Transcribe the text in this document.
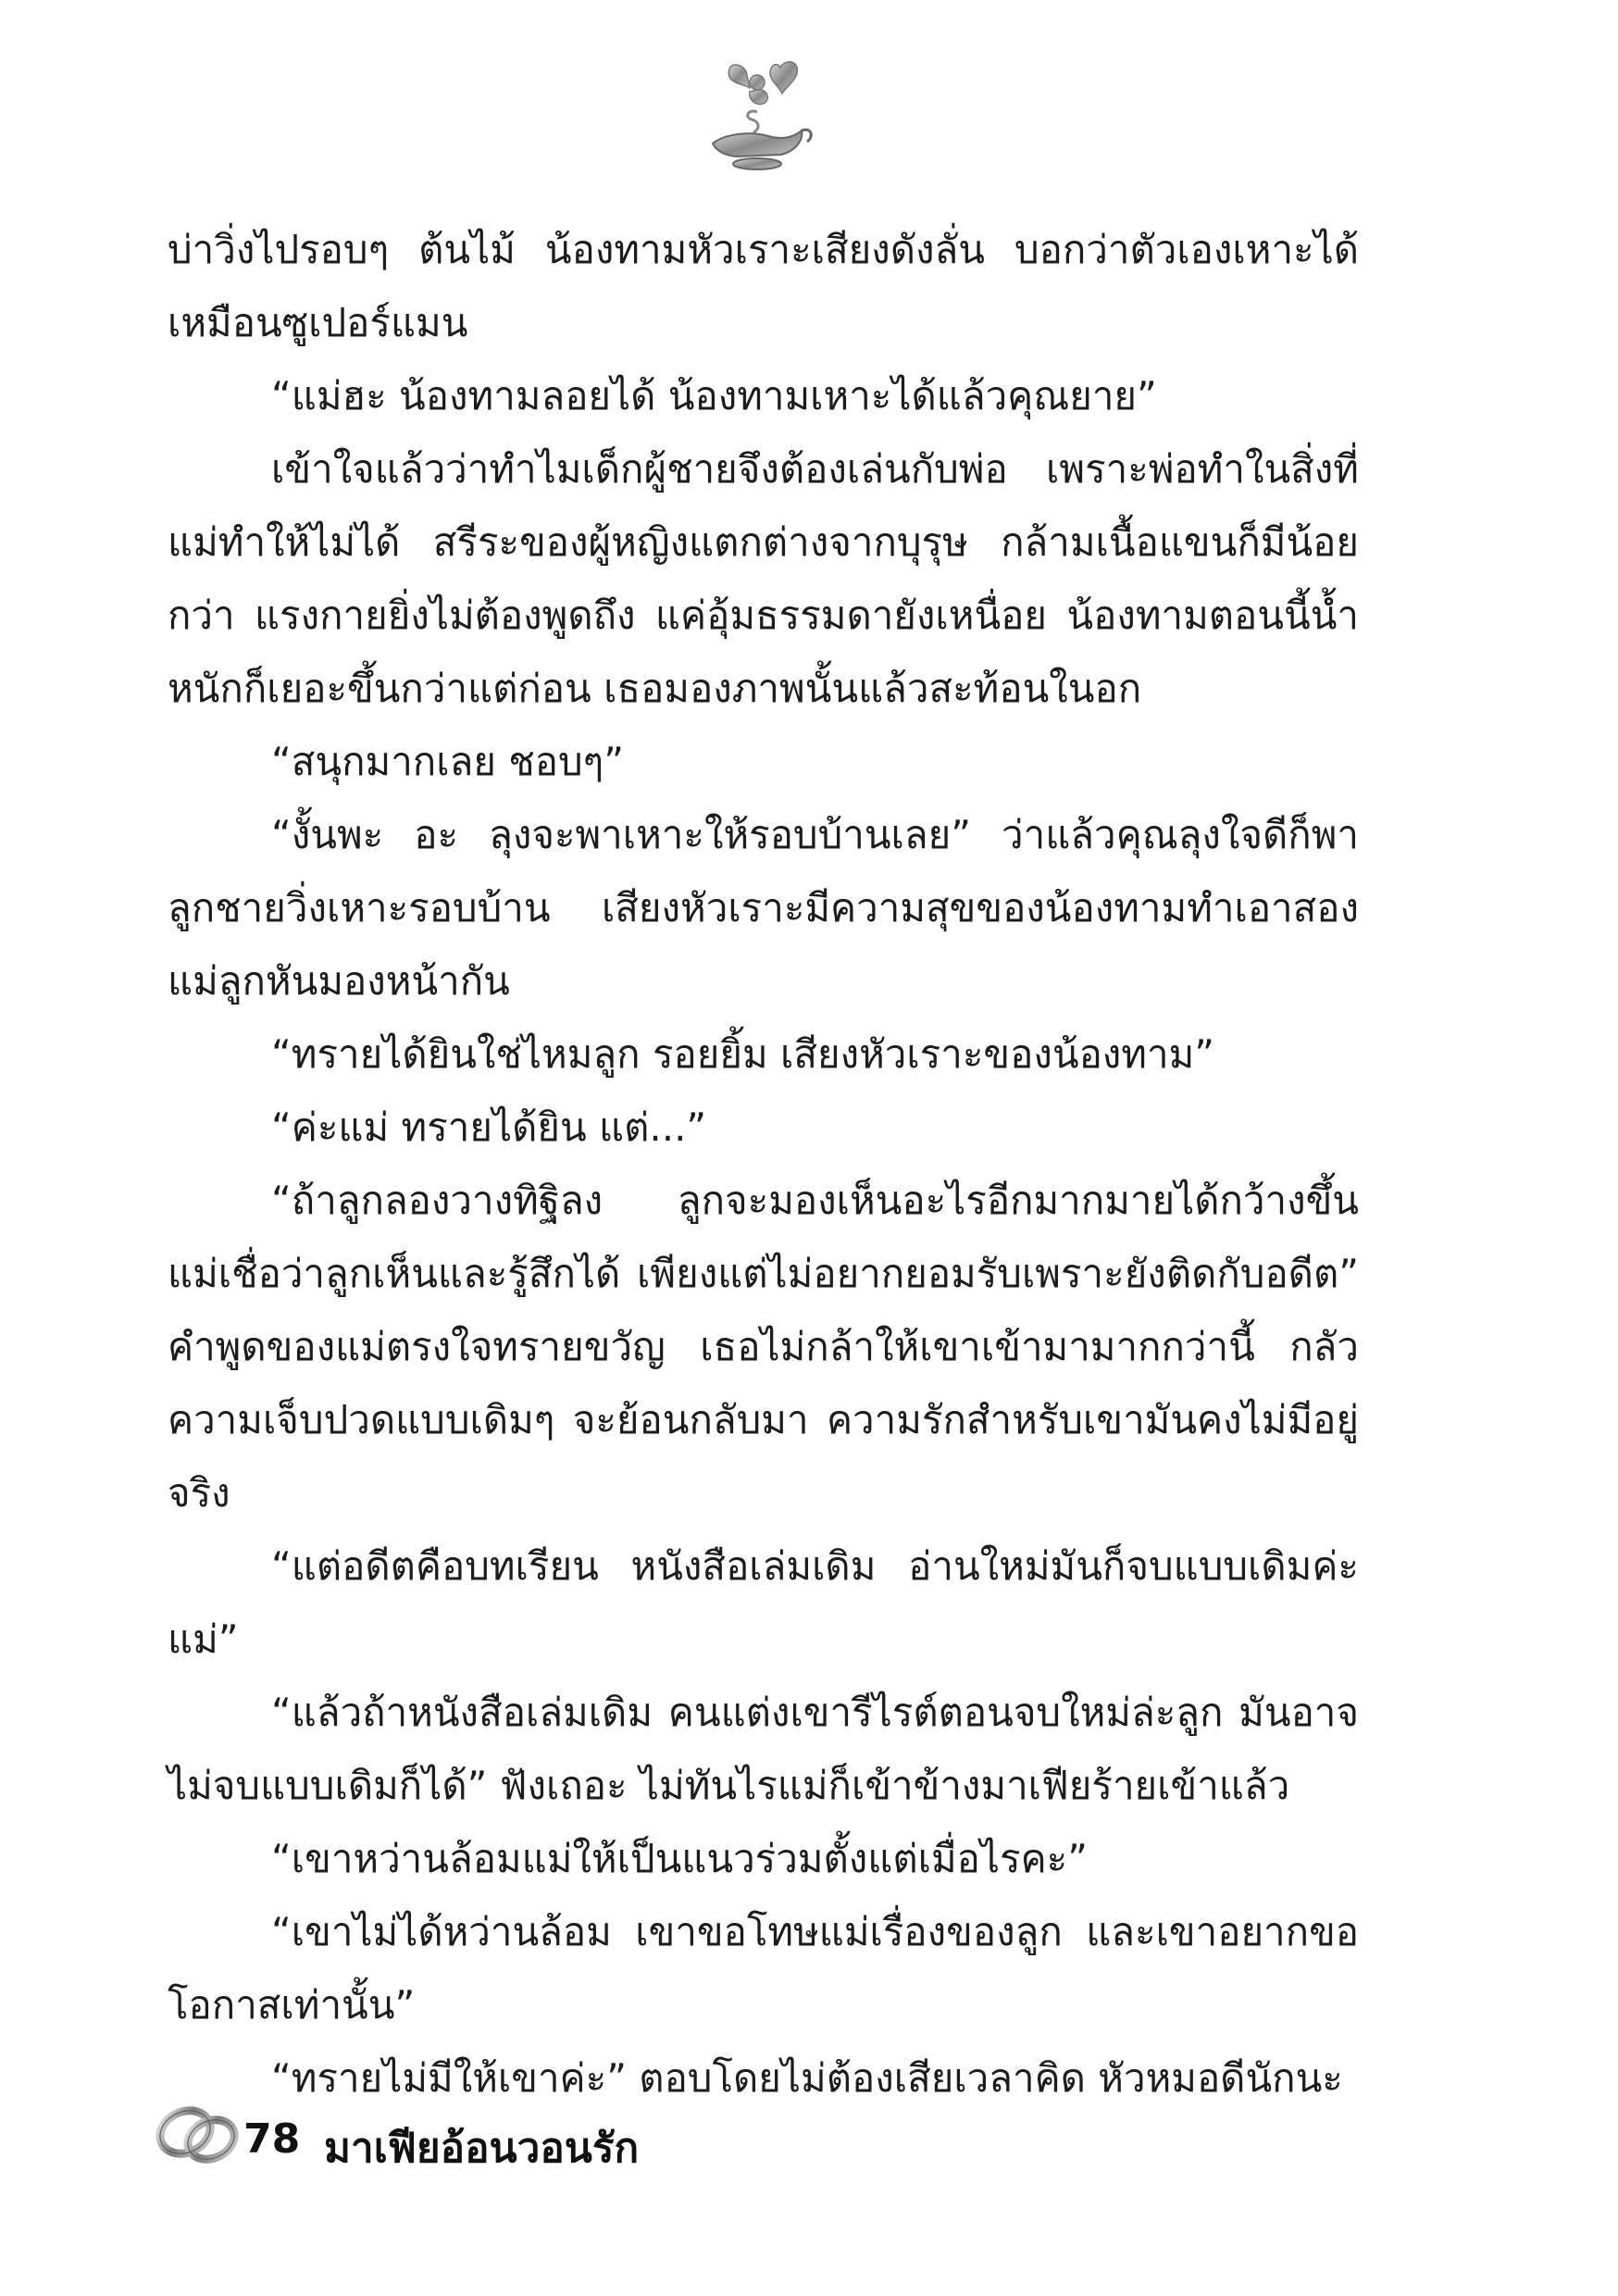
บ่าวิ่งไปรอบๆ ต้นไม้ น้องทามหัวเราะเสียงดังลั่น บอกว่าตัวเองเหาะได้เหมือนซูเปอร์แมน

“แม่ฮะ น้องทามลอยได้ น้องทามเหาะได้แล้วคุณยาย”

เข้าใจแล้วว่าทำไมเด็กผู้ชายจึงต้องเล่นกับพ่อ เพราะพ่อทำในสิ่งที่แม่ทำให้ไม่ได้ สรีระของผู้หญิงแตกต่างจากบุรุษ กล้ามเนื้อแขนก็มีน้อยกว่า แรงกายยิ่งไม่ต้องพูดถึง แค่อุ้มธรรมดายังเหนื่อย น้องทามตอนนี้น้ำหนักก็เยอะขึ้นกว่าแต่ก่อน เธอมองภาพนั้นแล้วสะท้อนในอก

“สนุกมากเลย ชอบๆ”

“งั้นพะ อะ ลุงจะพาเหาะให้รอบบ้านเลย” ว่าแล้วคุณลุงใจดีก็พาลูกชายวิ่งเหาะรอบบ้าน เสียงหัวเราะมีความสุขของน้องทามทำเอาสองแม่ลูกหันมองหน้ากัน

“ทรายได้ยินใช่ไหมลูก รอยยิ้ม เสียงหัวเราะของน้องทาม”

“ค่ะแม่ ทรายได้ยิน แต่...”

“ถ้าลูกลองวางทิฐิลง ลูกจะมองเห็นอะไรอีกมากมายได้กว้างขึ้น แม่เชื่อว่าลูกเห็นและรู้สึกได้ เพียงแต่ไม่อยากยอมรับเพราะยังติดกับอดีต” คำพูดของแม่ตรงใจทรายขวัญ เธอไม่กล้าให้เขาเข้ามามากกว่านี้ กลัวความเจ็บปวดแบบเดิมๆ จะย้อนกลับมา ความรักสำหรับเขามันคงไม่มีอยู่จริง

“แต่อดีตคือบทเรียน หนังสือเล่มเดิม อ่านใหม่มันก็จบแบบเดิมค่ะแม่”

“แล้วถ้าหนังสือเล่มเดิม คนแต่งเขารีไรต์ตอนจบใหม่ล่ะลูก มันอาจไม่จบแบบเดิมก็ได้” ฟังเถอะ ไม่ทันไรแม่ก็เข้าข้างมาเฟียร้ายเข้าแล้ว

“เขาหว่านล้อมแม่ให้เป็นแนวร่วมตั้งแต่เมื่อไรคะ”

“เขาไม่ได้หว่านล้อม เขาขอโทษแม่เรื่องของลูก และเขาอยากขอโอกาสเท่านั้น”

“ทรายไม่มีให้เขาค่ะ” ตอบโดยไม่ต้องเสียเวลาคิด หัวหมอดีนักนะ

78 มาเฟียอ้อนวอนรัก
